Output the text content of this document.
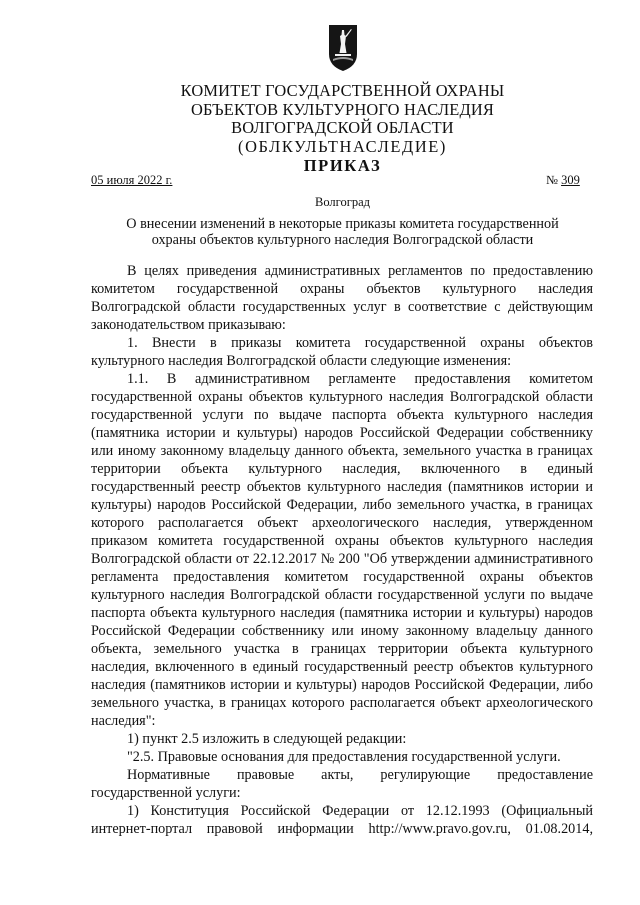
КОМИТЕТ ГОСУДАРСТВЕННОЙ ОХРАНЫ
ОБЪЕКТОВ КУЛЬТУРНОГО НАСЛЕДИЯ
ВОЛГОГРАДСКОЙ ОБЛАСТИ
(ОБЛКУЛЬТНАСЛЕДИЕ)
ПРИКАЗ
05 июля 2022 г.	№ 309
Волгоград
О внесении изменений в некоторые приказы комитета государственной
охраны объектов культурного наследия Волгоградской области

В целях приведения административных регламентов по предоставлению комитетом государственной охраны объектов культурного наследия Волгоградской области государственных услуг в соответствие с действующим законодательством приказываю:

1. Внести в приказы комитета государственной охраны объектов культурного наследия Волгоградской области следующие изменения:

1.1. В административном регламенте предоставления комитетом государственной охраны объектов культурного наследия Волгоградской области государственной услуги по выдаче паспорта объекта культурного наследия (памятника истории и культуры) народов Российской Федерации собственнику или иному законному владельцу данного объекта, земельного участка в границах территории объекта культурного наследия, включенного в единый государственный реестр объектов культурного наследия (памятников истории и культуры) народов Российской Федерации, либо земельного участка, в границах которого располагается объект археологического наследия, утвержденном приказом комитета государственной охраны объектов культурного наследия Волгоградской области от 22.12.2017 № 200 "Об утверждении административного регламента предоставления комитетом государственной охраны объектов культурного наследия Волгоградской области государственной услуги по выдаче паспорта объекта культурного наследия (памятника истории и культуры) народов Российской Федерации собственнику или иному законному владельцу данного объекта, земельного участка в границах территории объекта культурного наследия, включенного в единый государственный реестр объектов культурного наследия (памятников истории и культуры) народов Российской Федерации, либо земельного участка, в границах которого располагается объект археологического наследия":

1) пункт 2.5 изложить в следующей редакции:

"2.5. Правовые основания для предоставления государственной услуги.

Нормативные правовые акты, регулирующие предоставление государственной услуги:

1) Конституция Российской Федерации от 12.12.1993 (Официальный интернет-портал правовой информации http://www.pravo.gov.ru, 01.08.2014,
